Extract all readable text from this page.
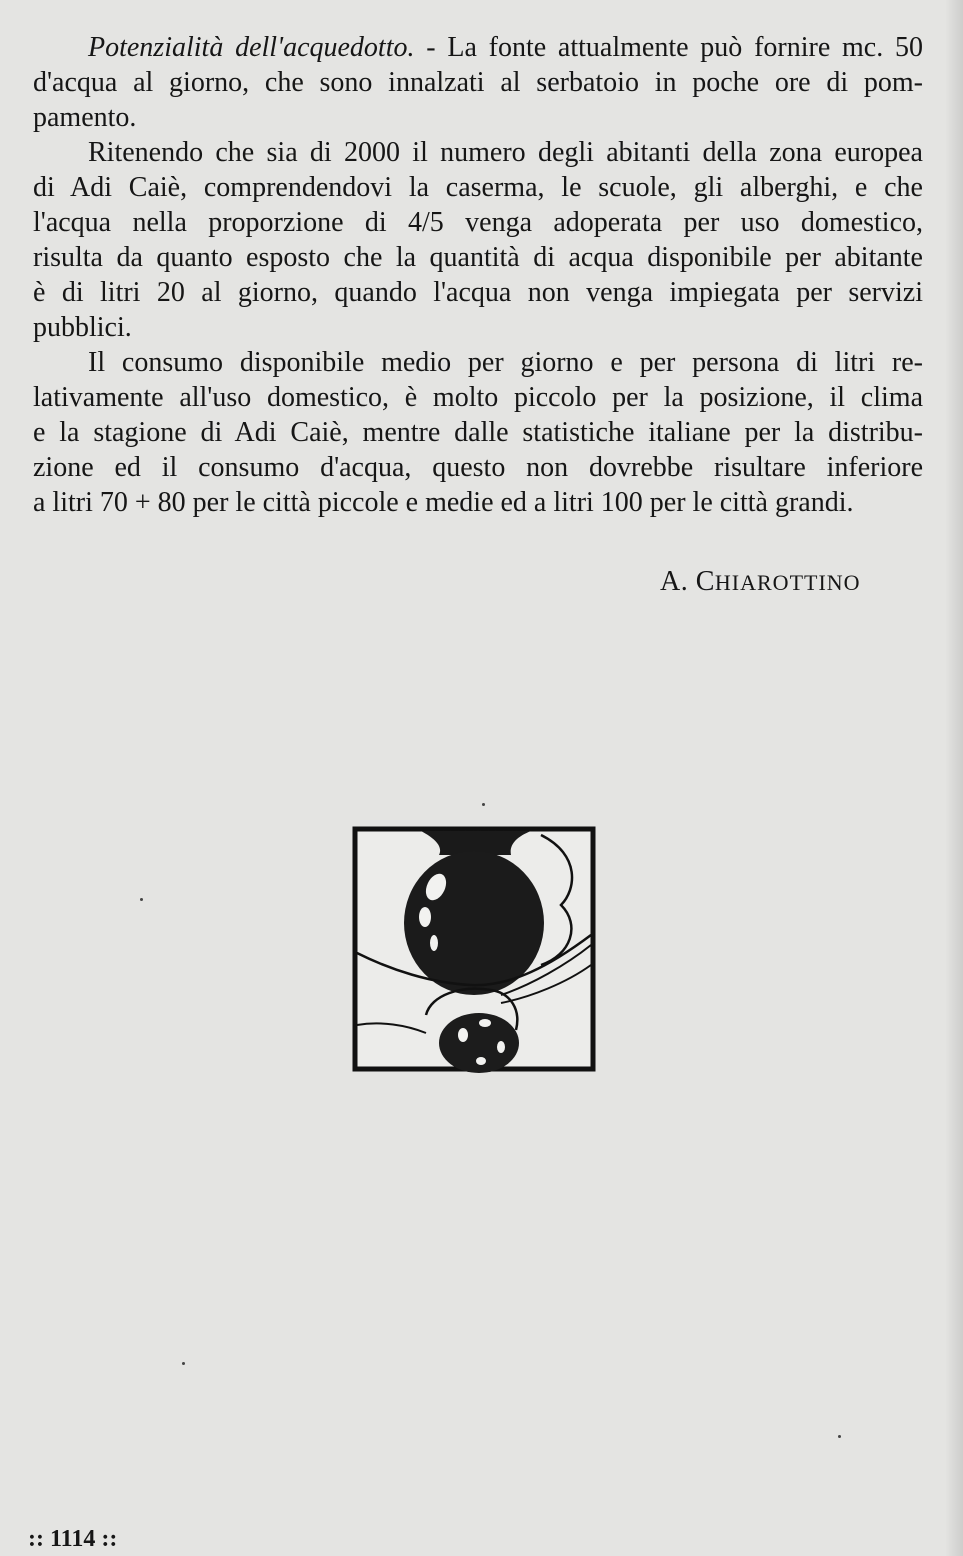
Potenzialità dell'acquedotto. - La fonte attualmente può fornire mc. 50
d'acqua al giorno, che sono innalzati al serbatoio in poche ore di pom-
pamento.
Ritenendo che sia di 2000 il numero degli abitanti della zona europea
di Adi Caiè, comprendendovi la caserma, le scuole, gli alberghi, e che
l'acqua nella proporzione di 4/5 venga adoperata per uso domestico,
risulta da quanto esposto che la quantità di acqua disponibile per abitante
è di litri 20 al giorno, quando l'acqua non venga impiegata per servizi
pubblici.
Il consumo disponibile medio per giorno e per persona di litri re-
lativamente all'uso domestico, è molto piccolo per la posizione, il clima
e la stagione di Adi Caiè, mentre dalle statistiche italiane per la distribu-
zione ed il consumo d'acqua, questo non dovrebbe risultare inferiore
a litri 70 + 80 per le città piccole e medie ed a litri 100 per le città grandi.
A. CHIAROTTINO
:: 1114 ::
